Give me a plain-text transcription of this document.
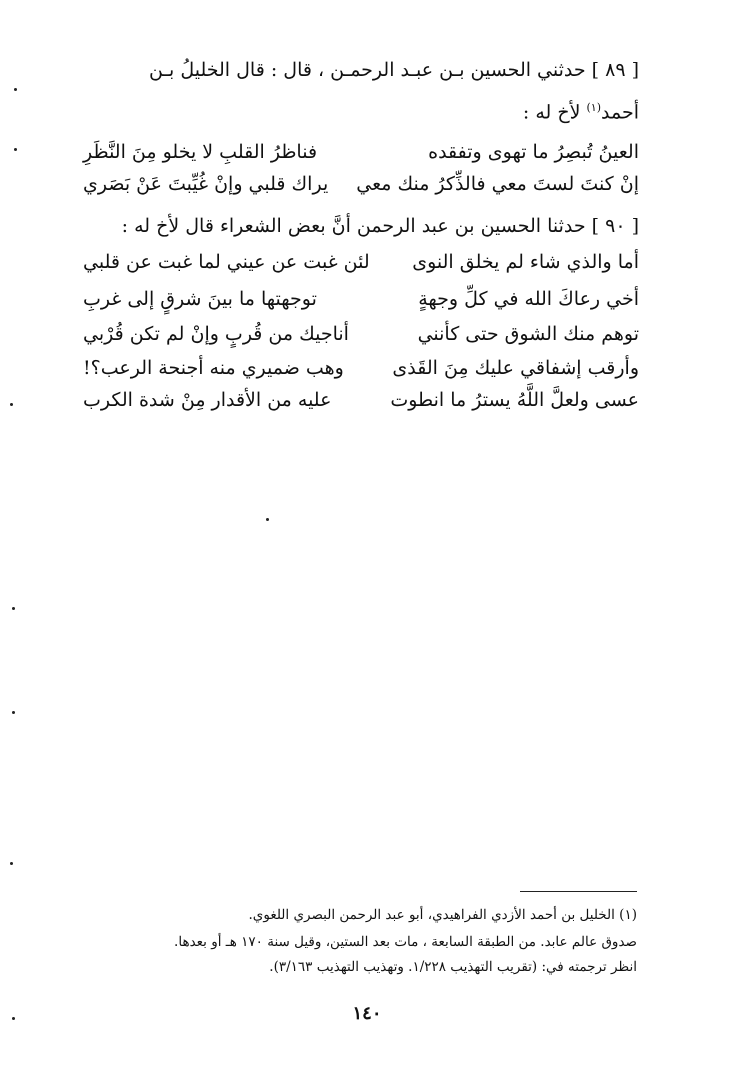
[ ٨٩ ] حدثني الحسين بـن عبـد الرحمـن ، قال : قال الخليلُ بـن
أحمد$^{(١)}$ لأخ له :
العينُ تُبصِرُ ما تهوى وتفقده
فناظرُ القلبِ لا يخلو مِنَ النَّظَرِ
إنْ كنتَ لستَ معي فالذِّكرُ منك معي
يراك قلبي وإنْ غُيِّبتَ عَنْ بَصَري
[ ٩٠ ] حدثنا الحسين بن عبد الرحمن أنَّ بعض الشعراء قال لأخ له :
أما والذي شاء لم يخلق النوى
لئن غبت عن عيني لما غبت عن قلبي
أخي رعاكَ الله في كلِّ وجهةٍ
توجهتها ما بينَ شرقٍ إلى غربِ
توهم منك الشوق حتى كأنني
أناجيك من قُربٍ وإنْ لم تكن قُرْبي
وأرقب إشفاقي عليك مِنَ القَذى
وهب ضميري منه أجنحة الرعب؟!
عسى ولعلَّ اللَّهُ يسترُ ما انطوت
عليه من الأقدار مِنْ شدة الكرب
(١) الخليل بن أحمد الأزدي الفراهيدي، أبو عبد الرحمن البصري اللغوي.
صدوق عالم عابد. من الطبقة السابعة ، مات بعد الستين، وقيل سنة ١٧٠ هـ أو بعدها.
انظر ترجمته في: (تقريب التهذيب ١/٢٢٨. وتهذيب التهذيب ٣/١٦٣).
١٤٠
